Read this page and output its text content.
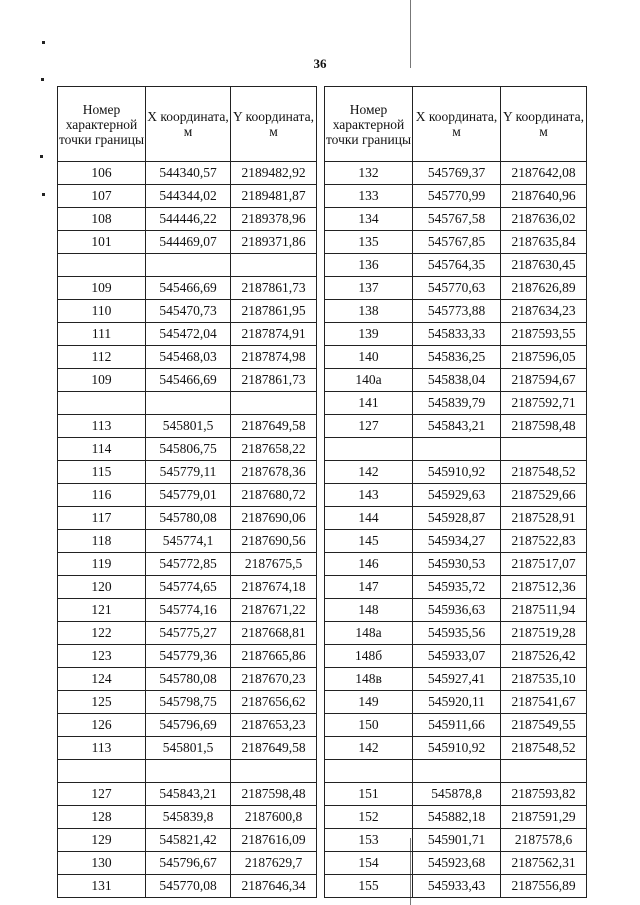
36
Номер характерной точки границы	X координата, м	Y координата, м
106	544340,57	2189482,92
107	544344,02	2189481,87
108	544446,22	2189378,96
101	544469,07	2189371,86

109	545466,69	2187861,73
110	545470,73	2187861,95
111	545472,04	2187874,91
112	545468,03	2187874,98
109	545466,69	2187861,73

113	545801,5	2187649,58
114	545806,75	2187658,22
115	545779,11	2187678,36
116	545779,01	2187680,72
117	545780,08	2187690,06
118	545774,1	2187690,56
119	545772,85	2187675,5
120	545774,65	2187674,18
121	545774,16	2187671,22
122	545775,27	2187668,81
123	545779,36	2187665,86
124	545780,08	2187670,23
125	545798,75	2187656,62
126	545796,69	2187653,23
113	545801,5	2187649,58

127	545843,21	2187598,48
128	545839,8	2187600,8
129	545821,42	2187616,09
130	545796,67	2187629,7
131	545770,08	2187646,34
Номер характерной точки границы	X координата, м	Y координата, м
132	545769,37	2187642,08
133	545770,99	2187640,96
134	545767,58	2187636,02
135	545767,85	2187635,84
136	545764,35	2187630,45
137	545770,63	2187626,89
138	545773,88	2187634,23
139	545833,33	2187593,55
140	545836,25	2187596,05
140а	545838,04	2187594,67
141	545839,79	2187592,71
127	545843,21	2187598,48

142	545910,92	2187548,52
143	545929,63	2187529,66
144	545928,87	2187528,91
145	545934,27	2187522,83
146	545930,53	2187517,07
147	545935,72	2187512,36
148	545936,63	2187511,94
148а	545935,56	2187519,28
148б	545933,07	2187526,42
148в	545927,41	2187535,10
149	545920,11	2187541,67
150	545911,66	2187549,55
142	545910,92	2187548,52

151	545878,8	2187593,82
152	545882,18	2187591,29
153	545901,71	2187578,6
154	545923,68	2187562,31
155	545933,43	2187556,89
